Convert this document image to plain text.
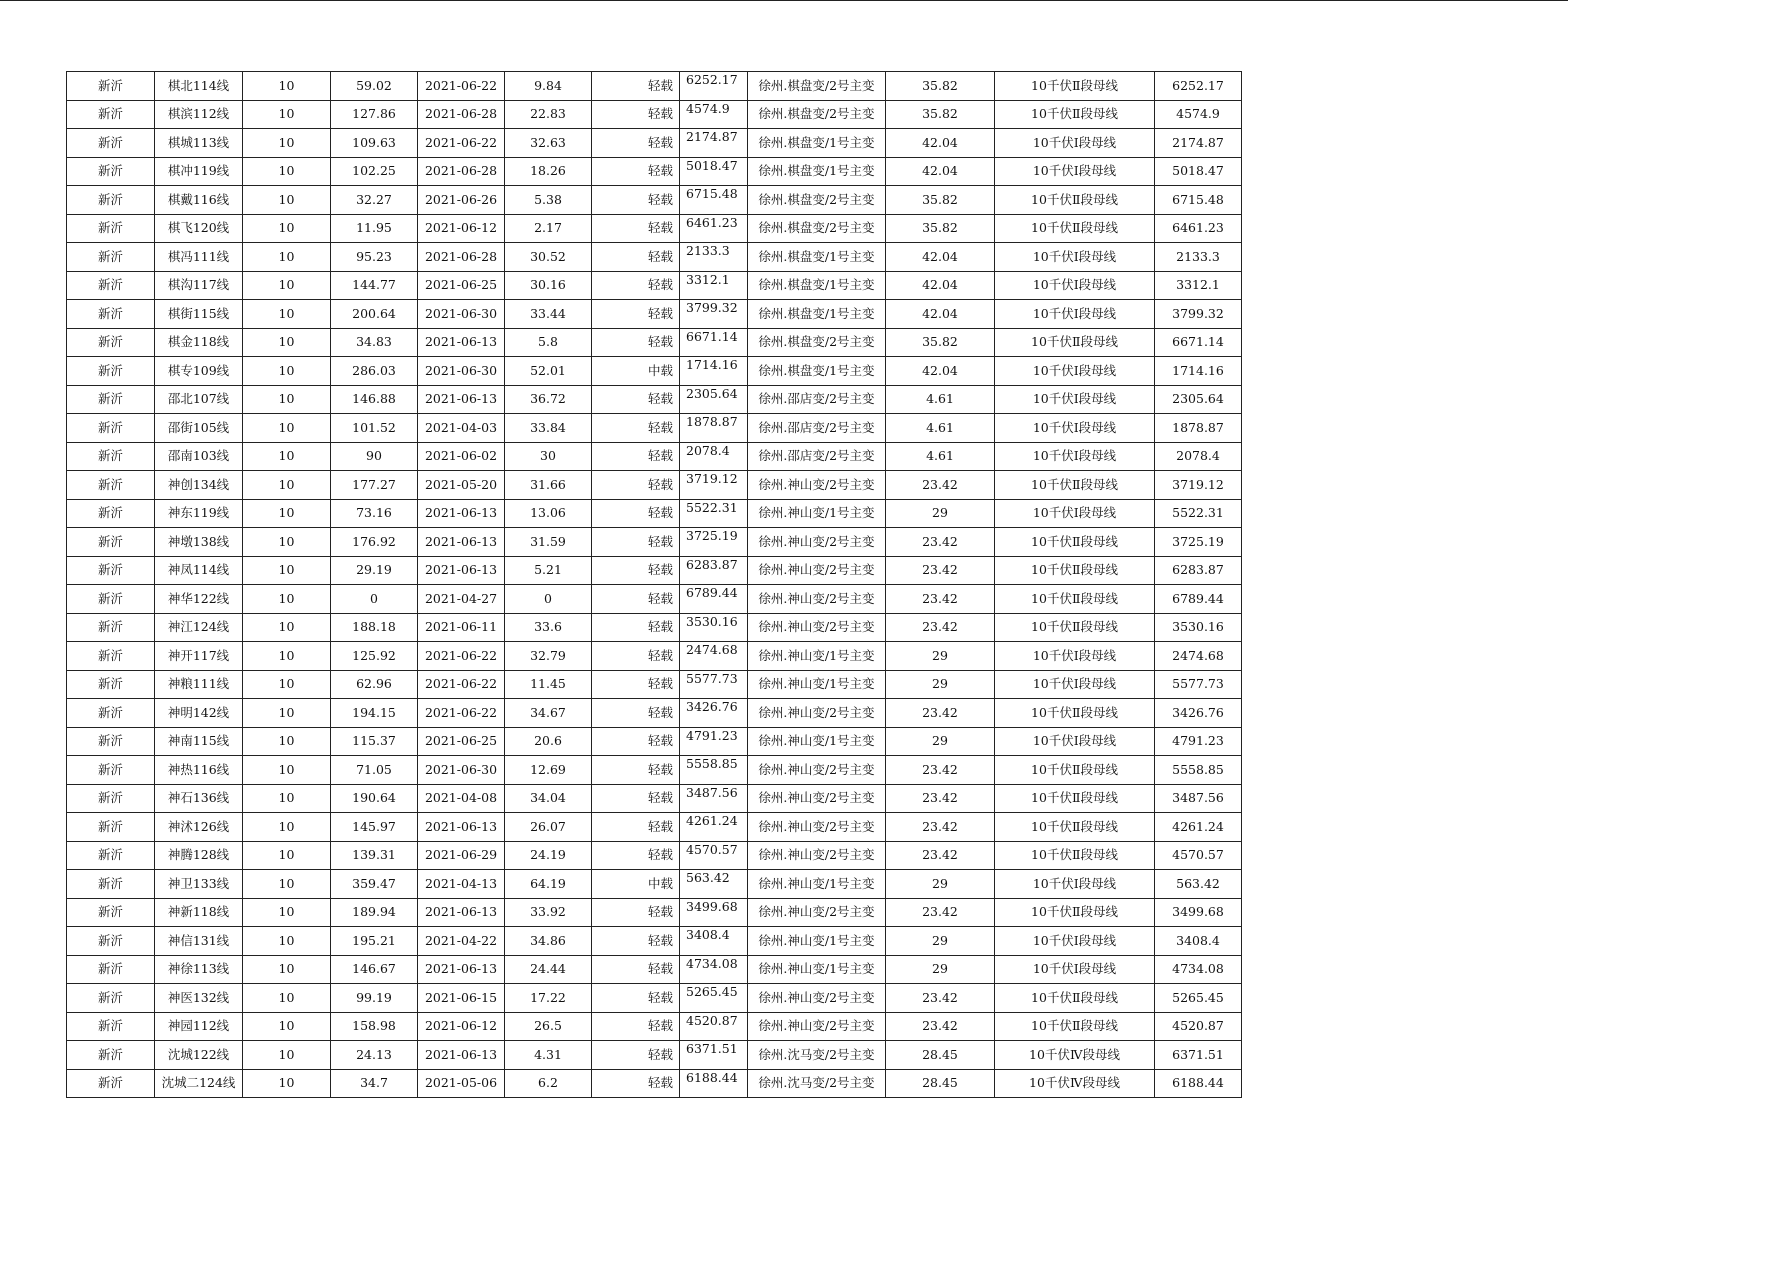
新沂	棋北114线	10	59.02	2021-06-22	9.84	轻载	6252.17	徐州.棋盘变/2号主变	35.82	10千伏Ⅱ段母线	6252.17
新沂	棋滨112线	10	127.86	2021-06-28	22.83	轻载	4574.9	徐州.棋盘变/2号主变	35.82	10千伏Ⅱ段母线	4574.9
新沂	棋城113线	10	109.63	2021-06-22	32.63	轻载	2174.87	徐州.棋盘变/1号主变	42.04	10千伏Ⅰ段母线	2174.87
新沂	棋冲119线	10	102.25	2021-06-28	18.26	轻载	5018.47	徐州.棋盘变/1号主变	42.04	10千伏Ⅰ段母线	5018.47
新沂	棋戴116线	10	32.27	2021-06-26	5.38	轻载	6715.48	徐州.棋盘变/2号主变	35.82	10千伏Ⅱ段母线	6715.48
新沂	棋飞120线	10	11.95	2021-06-12	2.17	轻载	6461.23	徐州.棋盘变/2号主变	35.82	10千伏Ⅱ段母线	6461.23
新沂	棋冯111线	10	95.23	2021-06-28	30.52	轻载	2133.3	徐州.棋盘变/1号主变	42.04	10千伏Ⅰ段母线	2133.3
新沂	棋沟117线	10	144.77	2021-06-25	30.16	轻载	3312.1	徐州.棋盘变/1号主变	42.04	10千伏Ⅰ段母线	3312.1
新沂	棋街115线	10	200.64	2021-06-30	33.44	轻载	3799.32	徐州.棋盘变/1号主变	42.04	10千伏Ⅰ段母线	3799.32
新沂	棋金118线	10	34.83	2021-06-13	5.8	轻载	6671.14	徐州.棋盘变/2号主变	35.82	10千伏Ⅱ段母线	6671.14
新沂	棋专109线	10	286.03	2021-06-30	52.01	中载	1714.16	徐州.棋盘变/1号主变	42.04	10千伏Ⅰ段母线	1714.16
新沂	邵北107线	10	146.88	2021-06-13	36.72	轻载	2305.64	徐州.邵店变/2号主变	4.61	10千伏Ⅰ段母线	2305.64
新沂	邵街105线	10	101.52	2021-04-03	33.84	轻载	1878.87	徐州.邵店变/2号主变	4.61	10千伏Ⅰ段母线	1878.87
新沂	邵南103线	10	90	2021-06-02	30	轻载	2078.4	徐州.邵店变/2号主变	4.61	10千伏Ⅰ段母线	2078.4
新沂	神创134线	10	177.27	2021-05-20	31.66	轻载	3719.12	徐州.神山变/2号主变	23.42	10千伏Ⅱ段母线	3719.12
新沂	神东119线	10	73.16	2021-06-13	13.06	轻载	5522.31	徐州.神山变/1号主变	29	10千伏Ⅰ段母线	5522.31
新沂	神墩138线	10	176.92	2021-06-13	31.59	轻载	3725.19	徐州.神山变/2号主变	23.42	10千伏Ⅱ段母线	3725.19
新沂	神凤114线	10	29.19	2021-06-13	5.21	轻载	6283.87	徐州.神山变/2号主变	23.42	10千伏Ⅱ段母线	6283.87
新沂	神华122线	10	0	2021-04-27	0	轻载	6789.44	徐州.神山变/2号主变	23.42	10千伏Ⅱ段母线	6789.44
新沂	神江124线	10	188.18	2021-06-11	33.6	轻载	3530.16	徐州.神山变/2号主变	23.42	10千伏Ⅱ段母线	3530.16
新沂	神开117线	10	125.92	2021-06-22	32.79	轻载	2474.68	徐州.神山变/1号主变	29	10千伏Ⅰ段母线	2474.68
新沂	神粮111线	10	62.96	2021-06-22	11.45	轻载	5577.73	徐州.神山变/1号主变	29	10千伏Ⅰ段母线	5577.73
新沂	神明142线	10	194.15	2021-06-22	34.67	轻载	3426.76	徐州.神山变/2号主变	23.42	10千伏Ⅱ段母线	3426.76
新沂	神南115线	10	115.37	2021-06-25	20.6	轻载	4791.23	徐州.神山变/1号主变	29	10千伏Ⅰ段母线	4791.23
新沂	神热116线	10	71.05	2021-06-30	12.69	轻载	5558.85	徐州.神山变/2号主变	23.42	10千伏Ⅱ段母线	5558.85
新沂	神石136线	10	190.64	2021-04-08	34.04	轻载	3487.56	徐州.神山变/2号主变	23.42	10千伏Ⅱ段母线	3487.56
新沂	神沭126线	10	145.97	2021-06-13	26.07	轻载	4261.24	徐州.神山变/2号主变	23.42	10千伏Ⅱ段母线	4261.24
新沂	神腾128线	10	139.31	2021-06-29	24.19	轻载	4570.57	徐州.神山变/2号主变	23.42	10千伏Ⅱ段母线	4570.57
新沂	神卫133线	10	359.47	2021-04-13	64.19	中载	563.42	徐州.神山变/1号主变	29	10千伏Ⅰ段母线	563.42
新沂	神新118线	10	189.94	2021-06-13	33.92	轻载	3499.68	徐州.神山变/2号主变	23.42	10千伏Ⅱ段母线	3499.68
新沂	神信131线	10	195.21	2021-04-22	34.86	轻载	3408.4	徐州.神山变/1号主变	29	10千伏Ⅰ段母线	3408.4
新沂	神徐113线	10	146.67	2021-06-13	24.44	轻载	4734.08	徐州.神山变/1号主变	29	10千伏Ⅰ段母线	4734.08
新沂	神医132线	10	99.19	2021-06-15	17.22	轻载	5265.45	徐州.神山变/2号主变	23.42	10千伏Ⅱ段母线	5265.45
新沂	神园112线	10	158.98	2021-06-12	26.5	轻载	4520.87	徐州.神山变/2号主变	23.42	10千伏Ⅱ段母线	4520.87
新沂	沈城122线	10	24.13	2021-06-13	4.31	轻载	6371.51	徐州.沈马变/2号主变	28.45	10千伏Ⅳ段母线	6371.51
新沂	沈城二124线	10	34.7	2021-05-06	6.2	轻载	6188.44	徐州.沈马变/2号主变	28.45	10千伏Ⅳ段母线	6188.44
